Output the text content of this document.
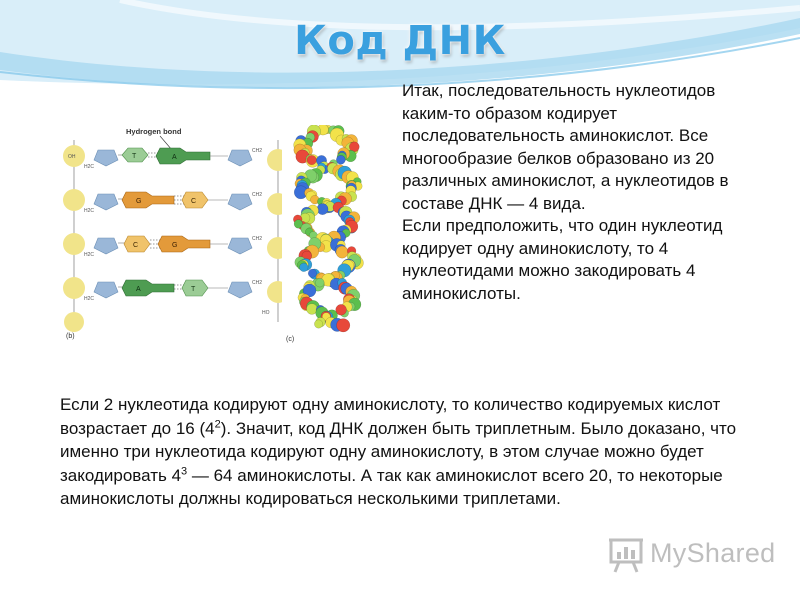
Код ДНК
Hydrogen bond
OH
H2C
T	A
CH2
H2C
G	C
CH2
H2C
C	G
CH2
H2C
A	T
CH2
HO
(b)	(c)

Итак, последовательность нуклеотидов каким-то образом кодирует последовательность аминокислот. Все многообразие белков образовано из 20 различных аминокислот, а нуклеотидов в составе ДНК — 4 вида.

Если предположить, что один нуклеотид кодирует одну аминокислоту, то 4 нуклеотидами можно закодировать 4 аминокислоты.

Если 2 нуклеотида кодируют одну аминокислоту, то количество кодируемых кислот возрастает до 16 $(4^2)$. Значит, код ДНК должен быть триплетным. Было доказано, что именно три нуклеотида кодируют одну аминокислоту, в этом случае можно будет закодировать $4^3$ — 64 аминокислоты. А так как аминокислот всего 20, то некоторые аминокислоты должны кодироваться несколькими триплетами.
MyShared
